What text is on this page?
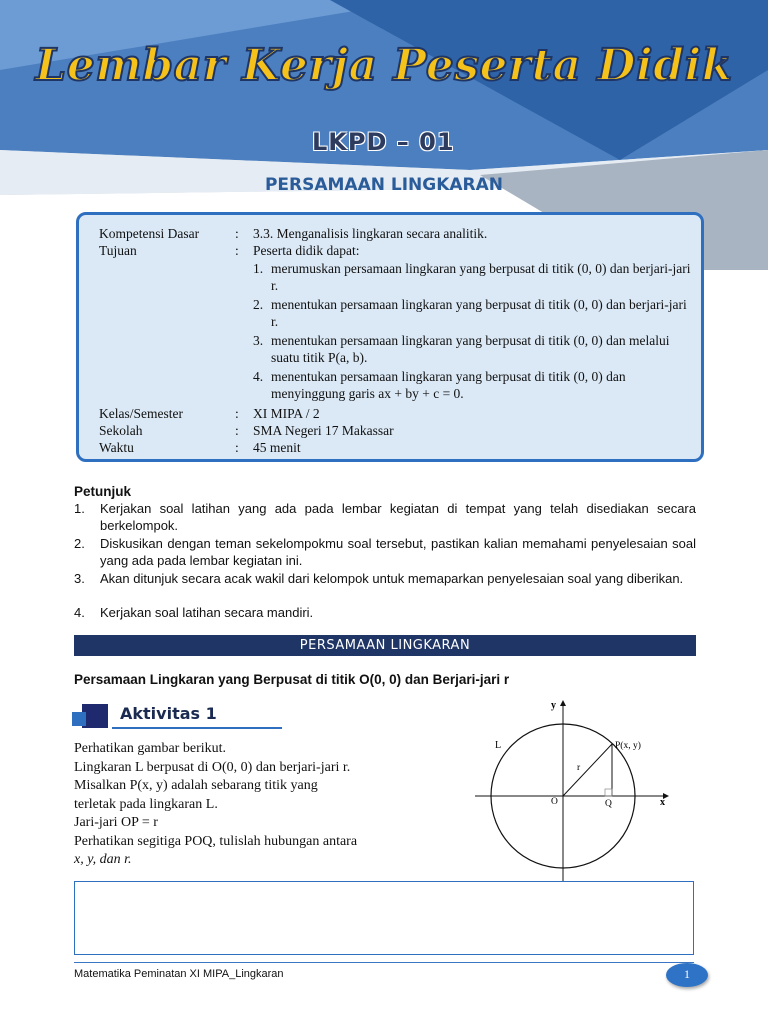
Lembar Kerja Peserta Didik
LKPD – 01
PERSAMAAN LINGKARAN
Kompetensi Dasar	: 3.3. Menganalisis lingkaran secara analitik.
Tujuan	: Peserta didik dapat:
1. merumuskan persamaan lingkaran yang berpusat di titik (0, 0) dan berjari-jari r.
2. menentukan persamaan lingkaran yang berpusat di titik (0, 0) dan berjari-jari r.
3. menentukan persamaan lingkaran yang berpusat di titik (0, 0) dan melalui suatu titik P(a, b).
4. menentukan persamaan lingkaran yang berpusat di titik (0, 0) dan menyinggung garis ax + by + c = 0.
Kelas/Semester	: XI MIPA / 2
Sekolah	: SMA Negeri 17 Makassar
Waktu	: 45 menit
Petunjuk
1. Kerjakan soal latihan yang ada pada lembar kegiatan di tempat yang telah disediakan secara berkelompok.
2. Diskusikan dengan teman sekelompokmu soal tersebut, pastikan kalian memahami penyelesaian soal yang ada pada lembar kegiatan ini.
3. Akan ditunjuk secara acak wakil dari kelompok untuk memaparkan penyelesaian soal yang diberikan.
4. Kerjakan soal latihan secara mandiri.
PERSAMAAN LINGKARAN
Persamaan Lingkaran yang Berpusat di titik O(0, 0) dan Berjari-jari r
Aktivitas 1
Perhatikan gambar berikut.
Lingkaran L berpusat di O(0, 0) dan berjari-jari r.
Misalkan P(x, y) adalah sebarang titik yang
terletak pada lingkaran L.
Jari-jari OP = r
Perhatikan segitiga POQ, tulislah hubungan antara
x, y, dan r.
y
x
L	P(x, y)
r
O	Q
Matematika Peminatan XI MIPA_Lingkaran	1
